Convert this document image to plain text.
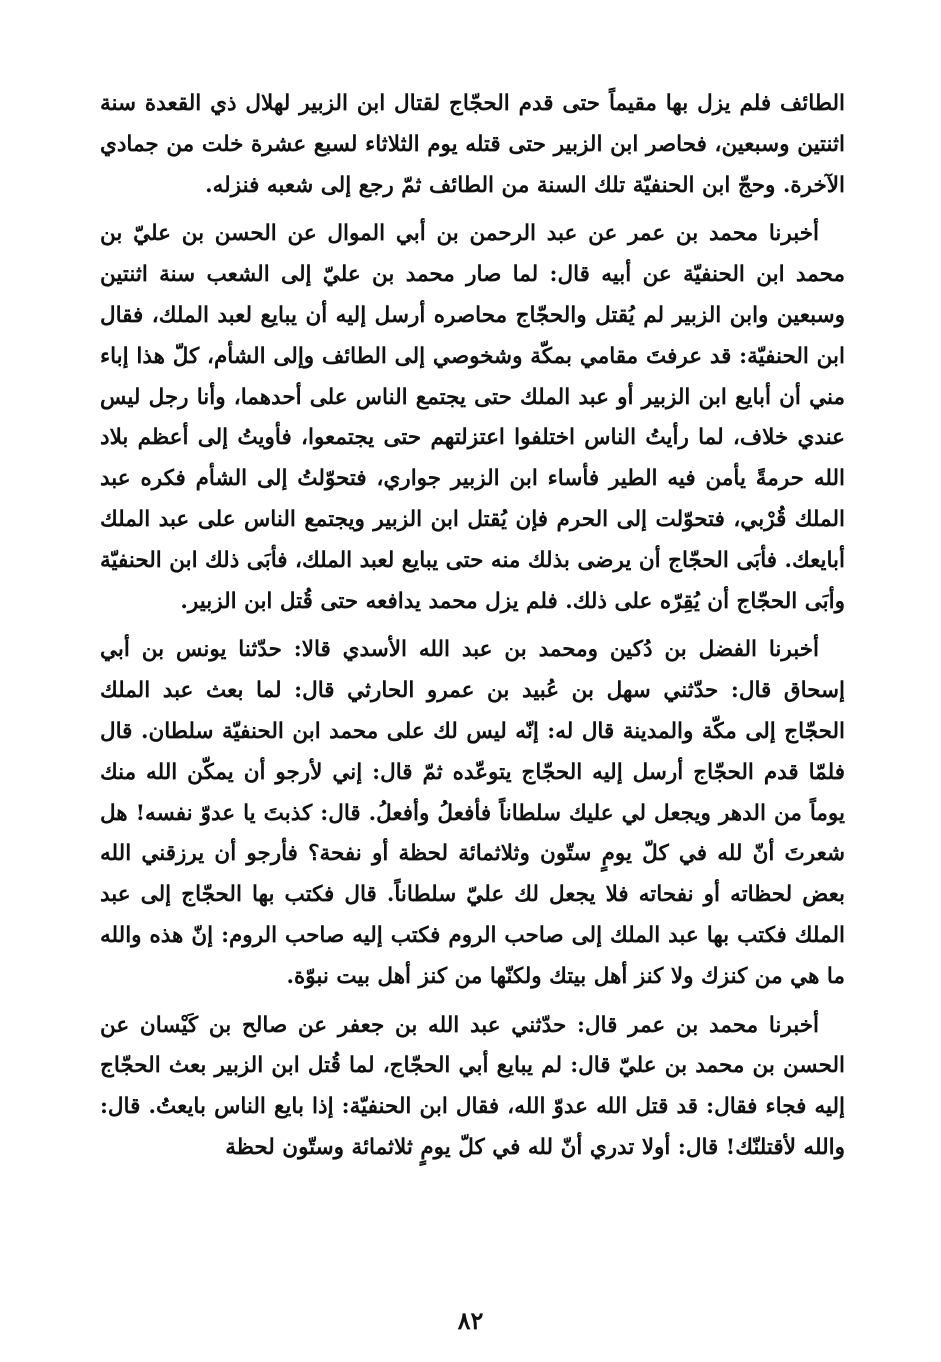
الطائف فلم يزل بها مقيماً حتى قدم الحجّاج لقتال ابن الزبير لهلال ذي القعدة سنة اثنتين وسبعين، فحاصر ابن الزبير حتى قتله يوم الثلاثاء لسبع عشرة خلت من جمادي الآخرة. وحجّ ابن الحنفيّة تلك السنة من الطائف ثمّ رجع إلى شعبه فنزله.

أخبرنا محمد بن عمر عن عبد الرحمن بن أبي الموال عن الحسن بن عليّ بن محمد ابن الحنفيّة عن أبيه قال: لما صار محمد بن عليّ إلى الشعب سنة اثنتين وسبعين وابن الزبير لم يُقتل والحجّاج محاصره أرسل إليه أن يبايع لعبد الملك، فقال ابن الحنفيّة: قد عرفتَ مقامي بمكّة وشخوصي إلى الطائف وإلى الشأم، كلّ هذا إباء مني أن أبايع ابن الزبير أو عبد الملك حتى يجتمع الناس على أحدهما، وأنا رجل ليس عندي خلاف، لما رأيتُ الناس اختلفوا اعتزلتهم حتى يجتمعوا، فأويتُ إلى أعظم بلاد الله حرمةً يأمن فيه الطير فأساء ابن الزبير جواري، فتحوّلتُ إلى الشأم فكره عبد الملك قُرْبي، فتحوّلت إلى الحرم فإن يُقتل ابن الزبير ويجتمع الناس على عبد الملك أبايعك. فأبَى الحجّاج أن يرضى بذلك منه حتى يبايع لعبد الملك، فأبَى ذلك ابن الحنفيّة وأبَى الحجّاج أن يُقِرّه على ذلك. فلم يزل محمد يدافعه حتى قُتل ابن الزبير.

أخبرنا الفضل بن دُكين ومحمد بن عبد الله الأسدي قالا: حدّثنا يونس بن أبي إسحاق قال: حدّثني سهل بن عُبيد بن عمرو الحارثي قال: لما بعث عبد الملك الحجّاج إلى مكّة والمدينة قال له: إنّه ليس لك على محمد ابن الحنفيّة سلطان. قال فلمّا قدم الحجّاج أرسل إليه الحجّاج يتوعّده ثمّ قال: إني لأرجو أن يمكّن الله منك يوماً من الدهر ويجعل لي عليك سلطاناً فأفعلُ وأفعلُ. قال: كذبتَ يا عدوّ نفسه! هل شعرتَ أنّ لله في كلّ يومٍ ستّون وثلاثمائة لحظة أو نفحة؟ فأرجو أن يرزقني الله بعض لحظاته أو نفحاته فلا يجعل لك عليّ سلطاناً. قال فكتب بها الحجّاج إلى عبد الملك فكتب بها عبد الملك إلى صاحب الروم فكتب إليه صاحب الروم: إنّ هذه والله ما هي من كنزك ولا كنز أهل بيتك ولكنّها من كنز أهل بيت نبوّة.

أخبرنا محمد بن عمر قال: حدّثني عبد الله بن جعفر عن صالح بن كَيْسان عن الحسن بن محمد بن عليّ قال: لم يبايع أبي الحجّاج، لما قُتل ابن الزبير بعث الحجّاج إليه فجاء فقال: قد قتل الله عدوّ الله، فقال ابن الحنفيّة: إذا بايع الناس بايعتُ. قال: والله لأقتلنّك! قال: أولا تدري أنّ لله في كلّ يومٍ ثلاثمائة وستّون لحظة

٨٢
